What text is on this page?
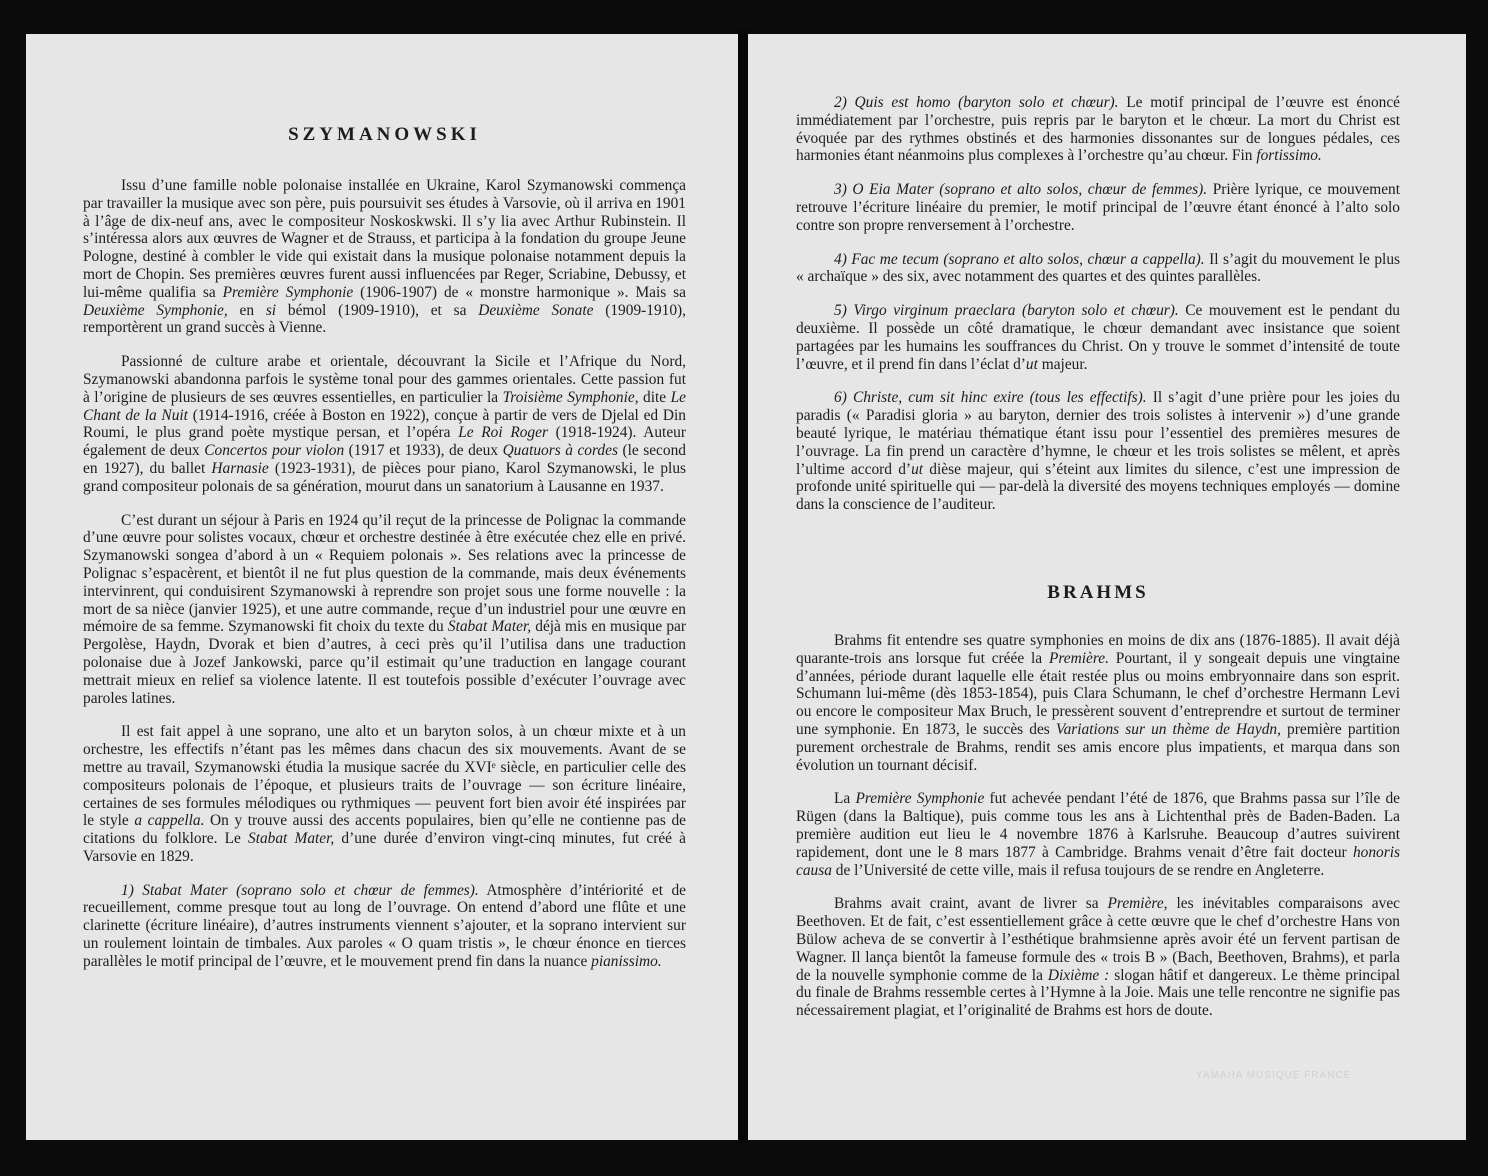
SZYMANOWSKI

Issu d’une famille noble polonaise installée en Ukraine, Karol Szymanowski commença par travailler la musique avec son père, puis poursuivit ses études à Varsovie, où il arriva en 1901 à l’âge de dix-neuf ans, avec le compositeur Noskoskwski. Il s’y lia avec Arthur Rubinstein. Il s’intéressa alors aux œuvres de Wagner et de Strauss, et participa à la fondation du groupe Jeune Pologne, destiné à combler le vide qui existait dans la musique polonaise notamment depuis la mort de Chopin. Ses premières œuvres furent aussi influencées par Reger, Scriabine, Debussy, et lui-même qualifia sa Première Symphonie (1906-1907) de « monstre harmonique ». Mais sa Deuxième Symphonie, en si bémol (1909-1910), et sa Deuxième Sonate (1909-1910), remportèrent un grand succès à Vienne.

Passionné de culture arabe et orientale, découvrant la Sicile et l’Afrique du Nord, Szymanowski abandonna parfois le système tonal pour des gammes orientales. Cette passion fut à l’origine de plusieurs de ses œuvres essentielles, en particulier la Troisième Symphonie, dite Le Chant de la Nuit (1914-1916, créée à Boston en 1922), conçue à partir de vers de Djelal ed Din Roumi, le plus grand poète mystique persan, et l’opéra Le Roi Roger (1918-1924). Auteur également de deux Concertos pour violon (1917 et 1933), de deux Quatuors à cordes (le second en 1927), du ballet Harnasie (1923-1931), de pièces pour piano, Karol Szymanowski, le plus grand compositeur polonais de sa génération, mourut dans un sanatorium à Lausanne en 1937.

C’est durant un séjour à Paris en 1924 qu’il reçut de la princesse de Polignac la commande d’une œuvre pour solistes vocaux, chœur et orchestre destinée à être exécutée chez elle en privé. Szymanowski songea d’abord à un « Requiem polonais ». Ses relations avec la princesse de Polignac s’espacèrent, et bientôt il ne fut plus question de la commande, mais deux événements intervinrent, qui conduisirent Szymanowski à reprendre son projet sous une forme nouvelle : la mort de sa nièce (janvier 1925), et une autre commande, reçue d’un industriel pour une œuvre en mémoire de sa femme. Szymanowski fit choix du texte du Stabat Mater, déjà mis en musique par Pergolèse, Haydn, Dvorak et bien d’autres, à ceci près qu’il l’utilisa dans une traduction polonaise due à Jozef Jankowski, parce qu’il estimait qu’une traduction en langage courant mettrait mieux en relief sa violence latente. Il est toutefois possible d’exécuter l’ouvrage avec paroles latines.

Il est fait appel à une soprano, une alto et un baryton solos, à un chœur mixte et à un orchestre, les effectifs n’étant pas les mêmes dans chacun des six mouvements. Avant de se mettre au travail, Szymanowski étudia la musique sacrée du XVIᵉ siècle, en particulier celle des compositeurs polonais de l’époque, et plusieurs traits de l’ouvrage — son écriture linéaire, certaines de ses formules mélodiques ou rythmiques — peuvent fort bien avoir été inspirées par le style a cappella. On y trouve aussi des accents populaires, bien qu’elle ne contienne pas de citations du folklore. Le Stabat Mater, d’une durée d’environ vingt-cinq minutes, fut créé à Varsovie en 1829.

1) Stabat Mater (soprano solo et chœur de femmes). Atmosphère d’intériorité et de recueillement, comme presque tout au long de l’ouvrage. On entend d’abord une flûte et une clarinette (écriture linéaire), d’autres instruments viennent s’ajouter, et la soprano intervient sur un roulement lointain de timbales. Aux paroles « O quam tristis », le chœur énonce en tierces parallèles le motif principal de l’œuvre, et le mouvement prend fin dans la nuance pianissimo.

2) Quis est homo (baryton solo et chœur). Le motif principal de l’œuvre est énoncé immédiatement par l’orchestre, puis repris par le baryton et le chœur. La mort du Christ est évoquée par des rythmes obstinés et des harmonies dissonantes sur de longues pédales, ces harmonies étant néanmoins plus complexes à l’orchestre qu’au chœur. Fin fortissimo.

3) O Eia Mater (soprano et alto solos, chœur de femmes). Prière lyrique, ce mouvement retrouve l’écriture linéaire du premier, le motif principal de l’œuvre étant énoncé à l’alto solo contre son propre renversement à l’orchestre.

4) Fac me tecum (soprano et alto solos, chœur a cappella). Il s’agit du mouvement le plus « archaïque » des six, avec notamment des quartes et des quintes parallèles.

5) Virgo virginum praeclara (baryton solo et chœur). Ce mouvement est le pendant du deuxième. Il possède un côté dramatique, le chœur demandant avec insistance que soient partagées par les humains les souffrances du Christ. On y trouve le sommet d’intensité de toute l’œuvre, et il prend fin dans l’éclat d’ut majeur.

6) Christe, cum sit hinc exire (tous les effectifs). Il s’agit d’une prière pour les joies du paradis (« Paradisi gloria » au baryton, dernier des trois solistes à intervenir ») d’une grande beauté lyrique, le matériau thématique étant issu pour l’essentiel des premières mesures de l’ouvrage. La fin prend un caractère d’hymne, le chœur et les trois solistes se mêlent, et après l’ultime accord d’ut dièse majeur, qui s’éteint aux limites du silence, c’est une impression de profonde unité spirituelle qui — par-delà la diversité des moyens techniques employés — domine dans la conscience de l’auditeur.

BRAHMS

Brahms fit entendre ses quatre symphonies en moins de dix ans (1876-1885). Il avait déjà quarante-trois ans lorsque fut créée la Première. Pourtant, il y songeait depuis une vingtaine d’années, période durant laquelle elle était restée plus ou moins embryonnaire dans son esprit. Schumann lui-même (dès 1853-1854), puis Clara Schumann, le chef d’orchestre Hermann Levi ou encore le compositeur Max Bruch, le pressèrent souvent d’entreprendre et surtout de terminer une symphonie. En 1873, le succès des Variations sur un thème de Haydn, première partition purement orchestrale de Brahms, rendit ses amis encore plus impatients, et marqua dans son évolution un tournant décisif.

La Première Symphonie fut achevée pendant l’été de 1876, que Brahms passa sur l’île de Rügen (dans la Baltique), puis comme tous les ans à Lichtenthal près de Baden-Baden. La première audition eut lieu le 4 novembre 1876 à Karlsruhe. Beaucoup d’autres suivirent rapidement, dont une le 8 mars 1877 à Cambridge. Brahms venait d’être fait docteur honoris causa de l’Université de cette ville, mais il refusa toujours de se rendre en Angleterre.

Brahms avait craint, avant de livrer sa Première, les inévitables comparaisons avec Beethoven. Et de fait, c’est essentiellement grâce à cette œuvre que le chef d’orchestre Hans von Bülow acheva de se convertir à l’esthétique brahmsienne après avoir été un fervent partisan de Wagner. Il lança bientôt la fameuse formule des « trois B » (Bach, Beethoven, Brahms), et parla de la nouvelle symphonie comme de la Dixième : slogan hâtif et dangereux. Le thème principal du finale de Brahms ressemble certes à l’Hymne à la Joie. Mais une telle rencontre ne signifie pas nécessairement plagiat, et l’originalité de Brahms est hors de doute.

YAMAHA MUSIQUE FRANCE
